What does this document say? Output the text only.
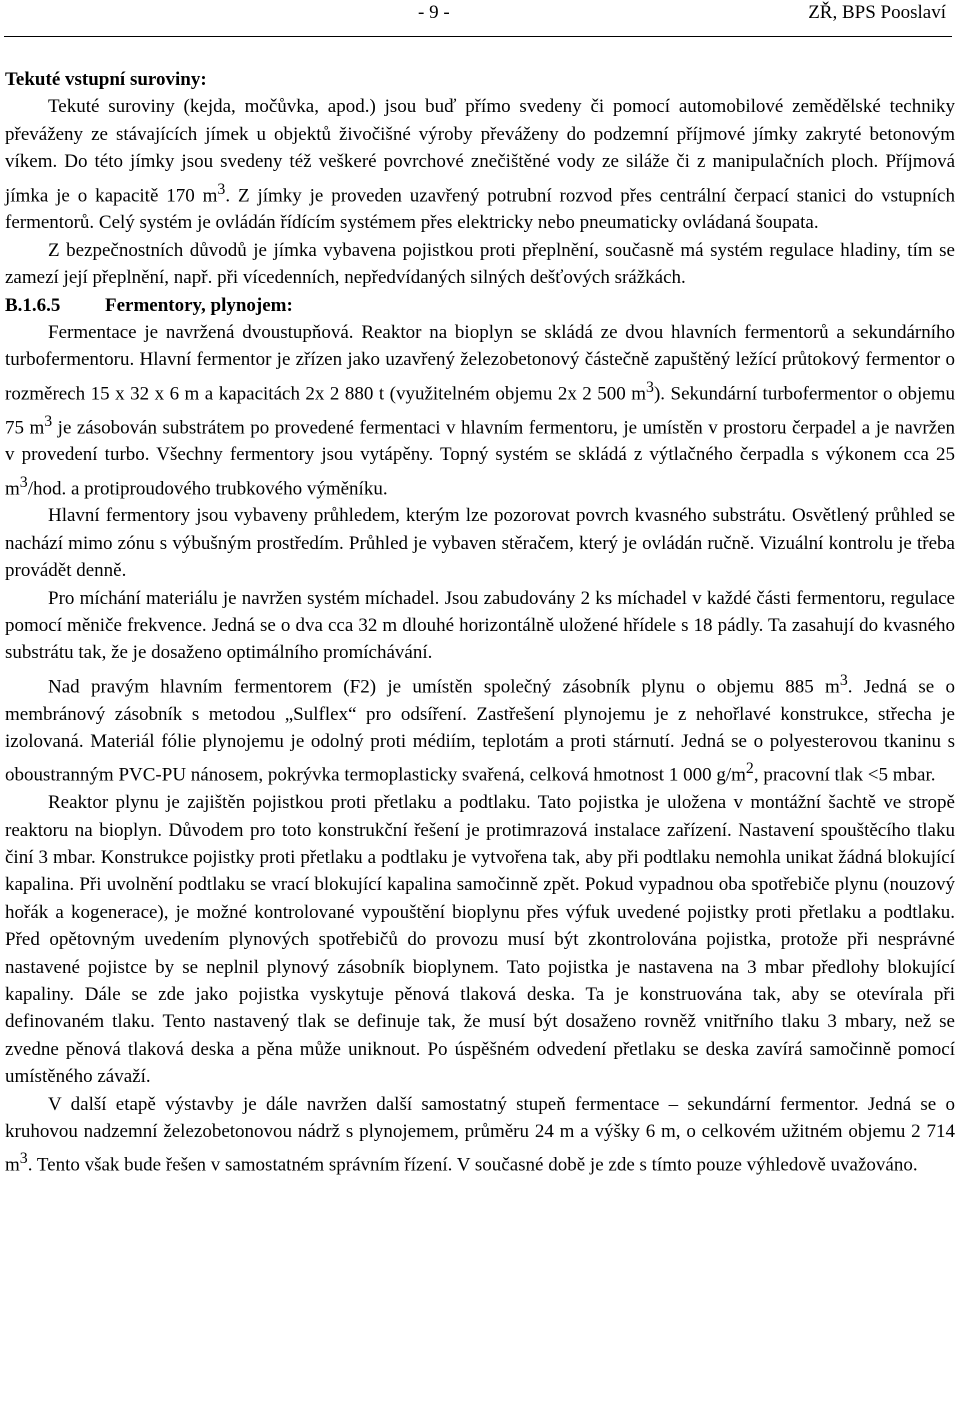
- 9 -	ZŘ, BPS Pooslaví

Tekuté vstupní suroviny:

Tekuté suroviny (kejda, močůvka, apod.) jsou buď přímo svedeny či pomocí automobilové zemědělské techniky převáženy ze stávajících jímek u objektů živočišné výroby převáženy do podzemní příjmové jímky zakryté betonovým víkem. Do této jímky jsou svedeny též veškeré povrchové znečištěné vody ze siláže či z manipulačních ploch. Příjmová jímka je o kapacitě 170 $m^3$. Z jímky je proveden uzavřený potrubní rozvod přes centrální čerpací stanici do vstupních fermentorů. Celý systém je ovládán řídícím systémem přes elektricky nebo pneumaticky ovládaná šoupata.

Z bezpečnostních důvodů je jímka vybavena pojistkou proti přeplnění, současně má systém regulace hladiny, tím se zamezí její přeplnění, např. při vícedenních, nepředvídaných silných dešťových srážkách.

B.1.6.5 Fermentory, plynojem:

Fermentace je navržená dvoustupňová. Reaktor na bioplyn se skládá ze dvou hlavních fermentorů a sekundárního turbofermentoru. Hlavní fermentor je zřízen jako uzavřený železobetonový částečně zapuštěný ležící průtokový fermentor o rozměrech 15 x 32 x 6 m a kapacitách 2x 2 880 t (využitelném objemu 2x 2 500 $m^3$). Sekundární turbofermentor o objemu 75 $m^3$ je zásobován substrátem po provedené fermentaci v hlavním fermentoru, je umístěn v prostoru čerpadel a je navržen v provedení turbo. Všechny fermentory jsou vytápěny. Topný systém se skládá z výtlačného čerpadla s výkonem cca 25 $m^3$/hod. a protiproudového trubkového výměníku.

Hlavní fermentory jsou vybaveny průhledem, kterým lze pozorovat povrch kvasného substrátu. Osvětlený průhled se nachází mimo zónu s výbušným prostředím. Průhled je vybaven stěračem, který je ovládán ručně. Vizuální kontrolu je třeba provádět denně.

Pro míchání materiálu je navržen systém míchadel. Jsou zabudovány 2 ks míchadel v každé části fermentoru, regulace pomocí měniče frekvence. Jedná se o dva cca 32 m dlouhé horizontálně uložené hřídele s 18 pádly. Ta zasahují do kvasného substrátu tak, že je dosaženo optimálního promíchávání.

Nad pravým hlavním fermentorem (F2) je umístěn společný zásobník plynu o objemu 885 $m^3$. Jedná se o membránový zásobník s metodou „Sulflex“ pro odsíření. Zastřešení plynojemu je z nehořlavé konstrukce, střecha je izolovaná. Materiál fólie plynojemu je odolný proti médiím, teplotám a proti stárnutí. Jedná se o polyesterovou tkaninu s oboustranným PVC-PU nánosem, pokrývka termoplasticky svařená, celková hmotnost 1 000 $g/m^2$, pracovní tlak <5 mbar.

Reaktor plynu je zajištěn pojistkou proti přetlaku a podtlaku. Tato pojistka je uložena v montážní šachtě ve stropě reaktoru na bioplyn. Důvodem pro toto konstrukční řešení je protimrazová instalace zařízení. Nastavení spouštěcího tlaku činí 3 mbar. Konstrukce pojistky proti přetlaku a podtlaku je vytvořena tak, aby při podtlaku nemohla unikat žádná blokující kapalina. Při uvolnění podtlaku se vrací blokující kapalina samočinně zpět. Pokud vypadnou oba spotřebiče plynu (nouzový hořák a kogenerace), je možné kontrolované vypouštění bioplynu přes výfuk uvedené pojistky proti přetlaku a podtlaku. Před opětovným uvedením plynových spotřebičů do provozu musí být zkontrolována pojistka, protože při nesprávné nastavené pojistce by se neplnil plynový zásobník bioplynem. Tato pojistka je nastavena na 3 mbar předlohy blokující kapaliny. Dále se zde jako pojistka vyskytuje pěnová tlaková deska. Ta je konstruována tak, aby se otevírala při definovaném tlaku. Tento nastavený tlak se definuje tak, že musí být dosaženo rovněž vnitřního tlaku 3 mbary, než se zvedne pěnová tlaková deska a pěna může uniknout. Po úspěšném odvedení přetlaku se deska zavírá samočinně pomocí umístěného závaží.

V další etapě výstavby je dále navržen další samostatný stupeň fermentace – sekundární fermentor. Jedná se o kruhovou nadzemní železobetonovou nádrž s plynojemem, průměru 24 m a výšky 6 m, o celkovém užitném objemu 2 714 $m^3$. Tento však bude řešen v samostatném správním řízení. V současné době je zde s tímto pouze výhledově uvažováno.
